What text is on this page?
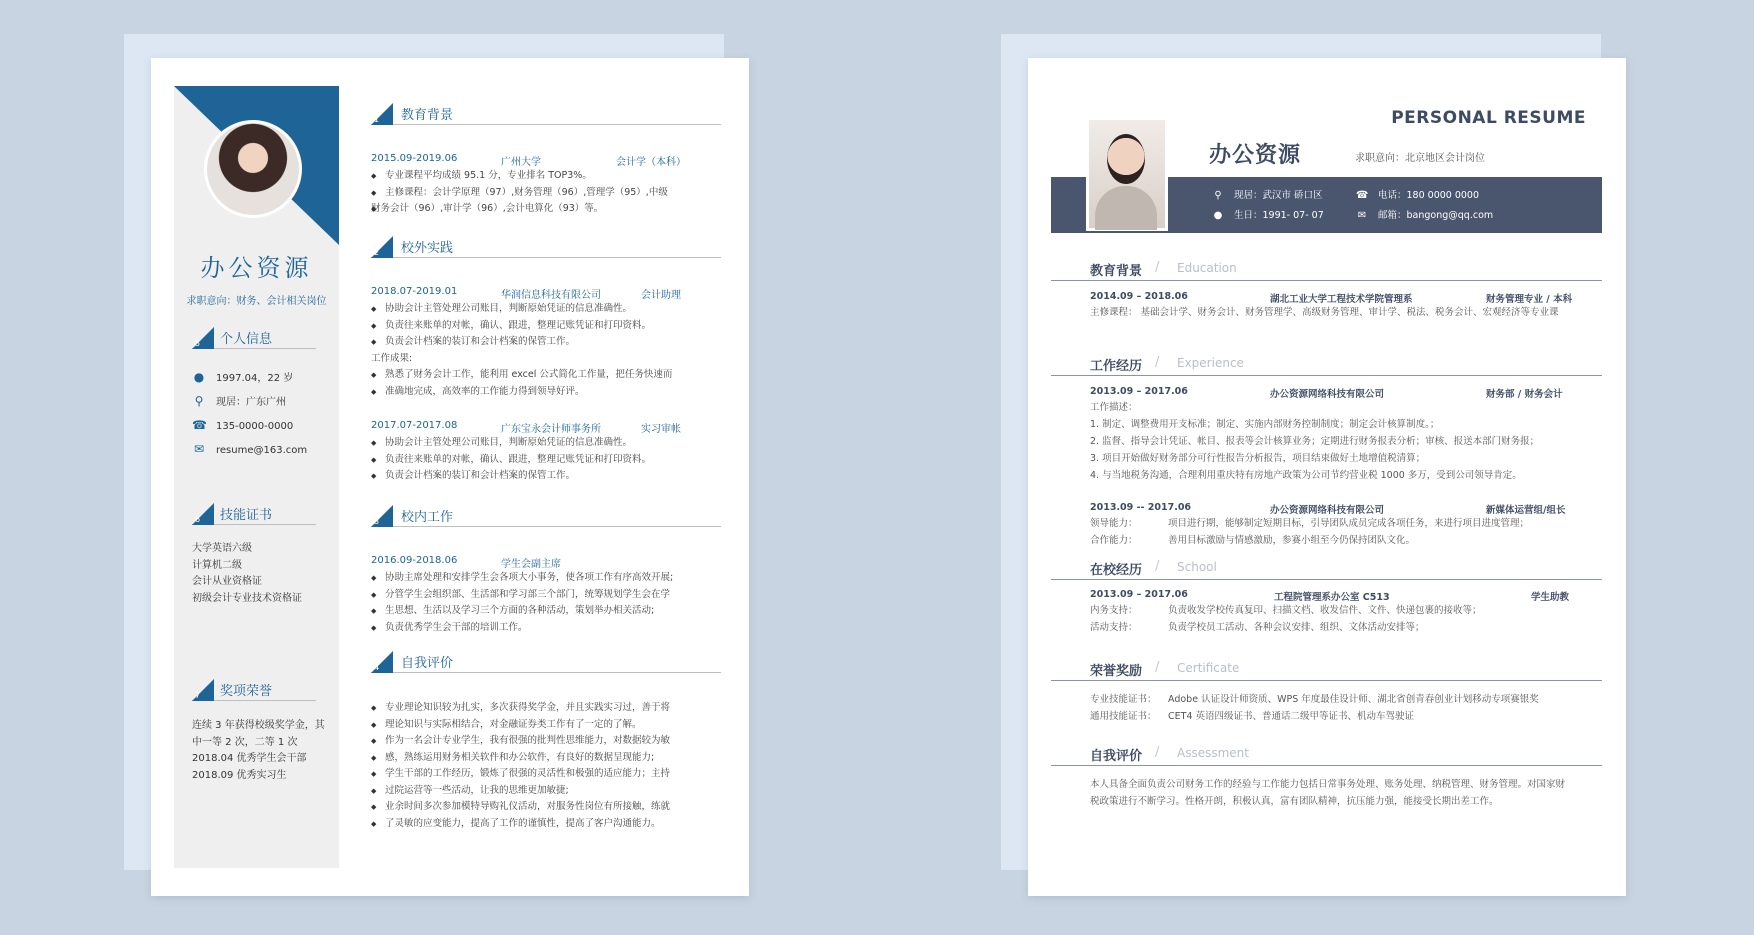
办公资源
求职意向：财务、会计相关岗位
5 个人信息
● 1997.04，22 岁
⚲ 现居：广东广州
☎ 135-0000-0000
✉ resume@163.com
6 技能证书
大学英语六级
计算机二级
会计从业资格证
初级会计专业技术资格证
7 奖项荣誉
连续 3 年获得校级奖学金，其
中一等 2 次，二等 1 次
2018.04 优秀学生会干部
2018.09 优秀实习生
1 教育背景
2015.09-2019.06	广州大学	会计学（本科）
◆ 专业课程平均成绩 95.1 分，专业排名 TOP3%。
◆ 主修课程：会计学原理（97）,财务管理（96）,管理学（95）,中级
◆ 财务会计（96）,审计学（96）,会计电算化（93）等。
2 校外实践
2018.07-2019.01	华润信息科技有限公司	会计助理
◆ 协助会计主管处理公司账目，判断原始凭证的信息准确性。
◆ 负责往来账单的对帐，确认、跟进，整理记账凭证和打印资料。
◆ 负责会计档案的装订和会计档案的保管工作。
工作成果:
◆ 熟悉了财务会计工作，能利用 excel 公式简化工作量，把任务快速而
◆ 准确地完成，高效率的工作能力得到领导好评。
2017.07-2017.08	广东宝永会计师事务所	实习审帐
◆ 协助会计主管处理公司账目，判断原始凭证的信息准确性。
◆ 负责往来账单的对帐，确认、跟进，整理记账凭证和打印资料。
◆ 负责会计档案的装订和会计档案的保管工作。
3 校内工作
2016.09-2018.06	学生会副主席
◆ 协助主席处理和安排学生会各项大小事务，使各项工作有序高效开展;
◆ 分管学生会组织部、生活部和学习部三个部门，统筹规划学生会在学
◆ 生思想、生活以及学习三个方面的各种活动，策划举办相关活动;
◆ 负责优秀学生会干部的培训工作。
4 自我评价
◆ 专业理论知识较为扎实，多次获得奖学金，并且实践实习过，善于将
◆ 理论知识与实际相结合，对金融证券类工作有了一定的了解。
◆ 作为一名会计专业学生，我有很强的批判性思维能力，对数据较为敏
◆ 感，熟练运用财务相关软件和办公软件，有良好的数据呈现能力;
◆ 学生干部的工作经历，锻炼了很强的灵活性和极强的适应能力；主持
◆ 过院运营等一些活动，让我的思维更加敏捷;
◆ 业余时间多次参加模特导购礼仪活动，对服务性岗位有所接触，练就
◆ 了灵敏的应变能力，提高了工作的谨慎性，提高了客户沟通能力。
PERSONAL RESUME
办公资源	求职意向：北京地区会计岗位
⚲ 现居：武汉市 硚口区
● 生日：1991- 07- 07
☎ 电话：180 0000 0000
✉ 邮箱：bangong@qq.com
教育背景 / Education
2014.09 – 2018.06	湖北工业大学工程技术学院管理系	财务管理专业 / 本科
主修课程： 基础会计学、财务会计、财务管理学、高级财务管理、审计学、税法、税务会计、宏观经济等专业课
工作经历 / Experience
2013.09 – 2017.06	办公资源网络科技有限公司	财务部 / 财务会计
工作描述：
1. 制定、调整费用开支标准；制定、实施内部财务控制制度；制定会计核算制度。；
2. 监督、指导会计凭证、帐目、报表等会计核算业务；定期进行财务报表分析；审核、报送本部门财务报；
3. 项目开始做好财务部分可行性报告分析报告，项目结束做好土地增值税清算；
4. 与当地税务沟通，合理利用重庆特有房地产政策为公司节约营业税 1000 多万，受到公司领导肯定。
2013.09 -- 2017.06	办公资源网络科技有限公司	新媒体运营组/组长
领导能力：	项目进行期，能够制定短期目标，引导团队成员完成各项任务，来进行项目进度管理；
合作能力：	善用目标激励与情感激励，参赛小组至今仍保持团队文化。
在校经历 / School
2013.09 – 2017.06	工程院管理系办公室 C513	学生助教
内务支持：	负责收发学校传真复印、扫描文档、收发信件、文件、快递包裹的接收等；
活动支持：	负责学校员工活动、各种会议安排、组织、文体活动安排等；
荣誉奖励 / Certificate
专业技能证书： Adobe 认证设计师资质、WPS 年度最佳设计师、湖北省创青春创业计划移动专项赛银奖
通用技能证书： CET4 英语四级证书、普通话二级甲等证书、机动车驾驶证
自我评价 / Assessment
本人具备全面负责公司财务工作的经验与工作能力包括日常事务处理、账务处理、纳税管理、财务管理。对国家财
税政策进行不断学习。性格开朗，积极认真，富有团队精神，抗压能力强，能接受长期出差工作。
